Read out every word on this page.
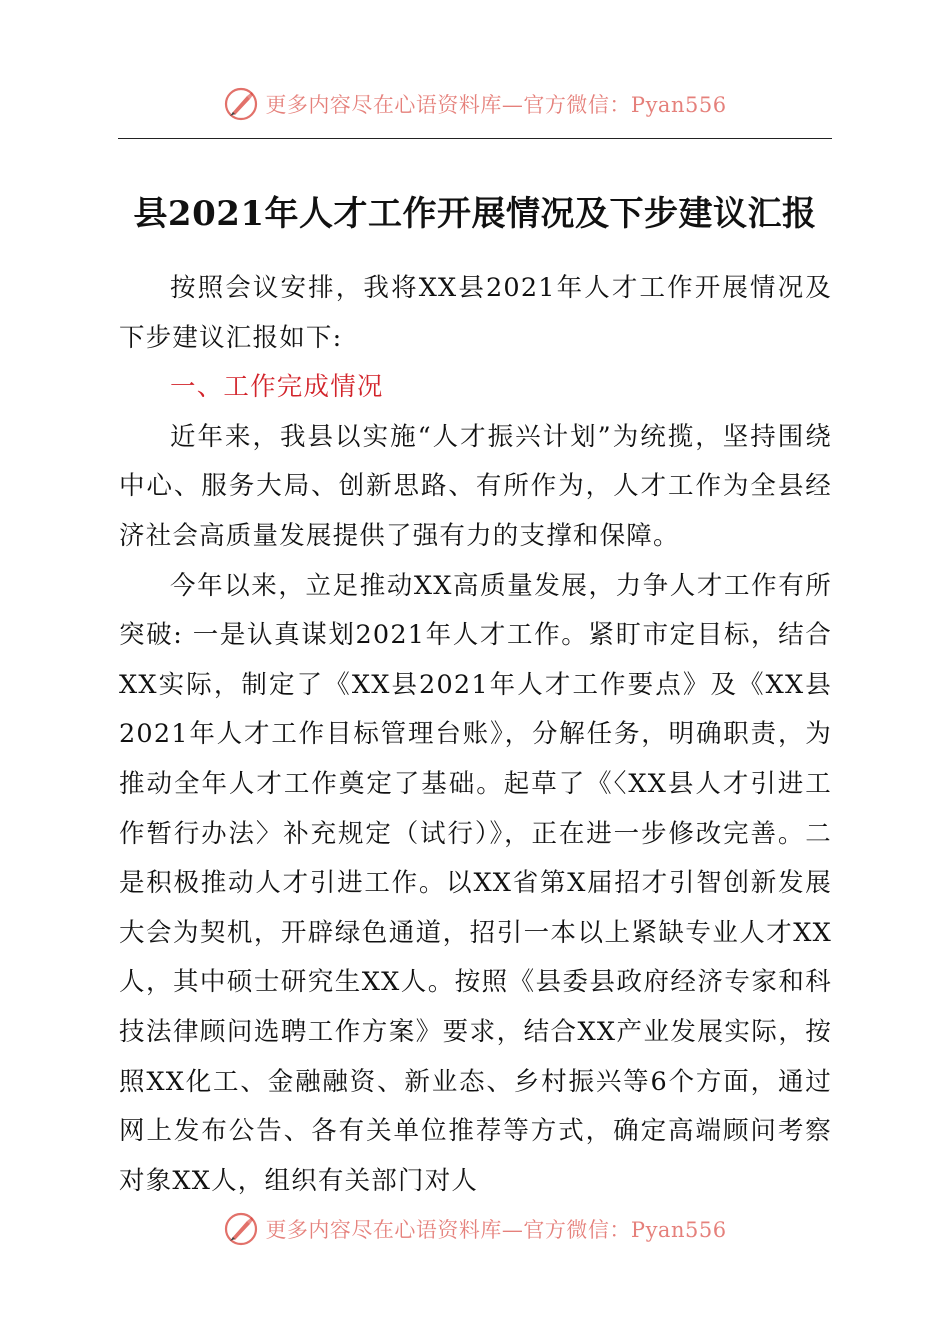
更多内容尽在心语资料库—官方微信：Pyan556
县2021年人才工作开展情况及下步建议汇报

按照会议安排，我将XX县2021年人才工作开展情况及下步建议汇报如下:

一、工作完成情况

近年来，我县以实施“人才振兴计划”为统揽，坚持围绕中心、服务大局、创新思路、有所作为，人才工作为全县经济社会高质量发展提供了强有力的支撑和保障。

今年以来，立足推动XX高质量发展，力争人才工作有所突破: 一是认真谋划2021年人才工作。紧盯市定目标，结合XX实际，制定了《XX县2021年人才工作要点》及《XX县2021年人才工作目标管理台账》，分解任务，明确职责，为推动全年人才工作奠定了基础。起草了《〈XX县人才引进工作暂行办法〉补充规定（试行）》，正在进一步修改完善。二是积极推动人才引进工作。以XX省第X届招才引智创新发展大会为契机，开辟绿色通道，招引一本以上紧缺专业人才XX人，其中硕士研究生XX人。按照《县委县政府经济专家和科技法律顾问选聘工作方案》要求，结合XX产业发展实际，按照XX化工、金融融资、新业态、乡村振兴等6个方面，通过网上发布公告、各有关单位推荐等方式，确定高端顾问考察对象XX人，组织有关部门对人

更多内容尽在心语资料库—官方微信：Pyan556
